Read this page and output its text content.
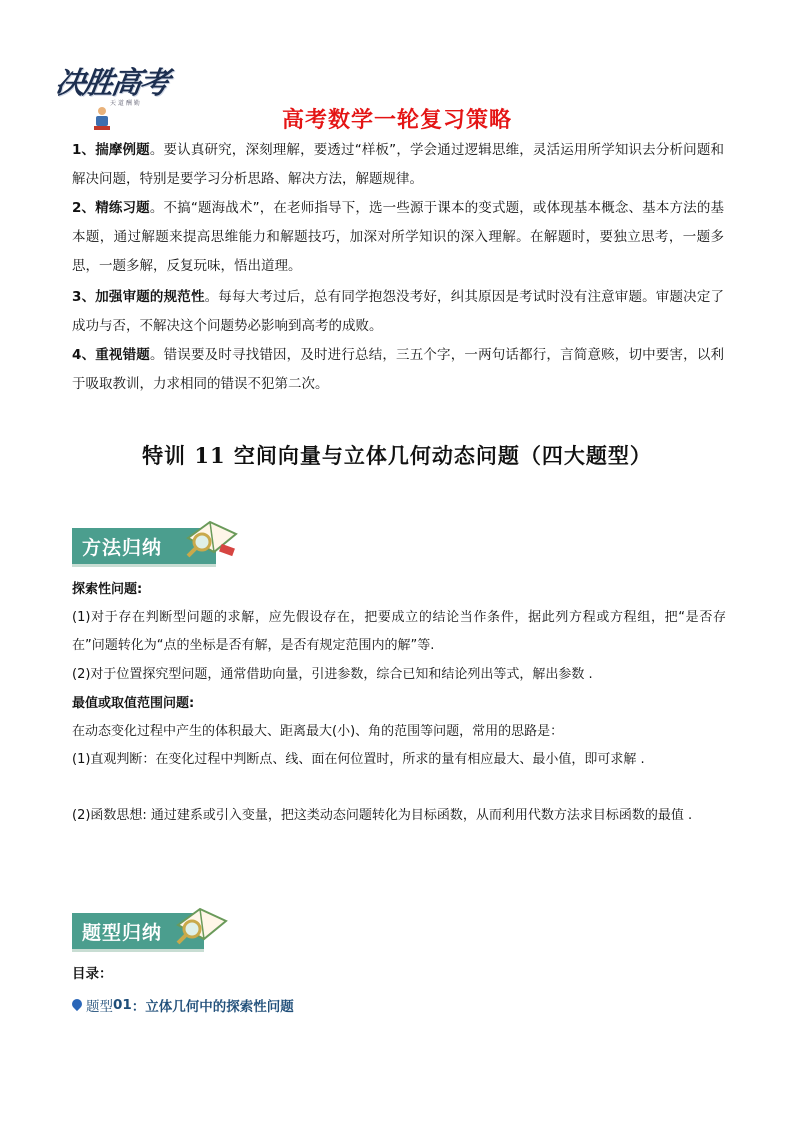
决胜高考
天 道 酬 勤
高考数学一轮复习策略
1、揣摩例题。要认真研究，深刻理解，要透过“样板”，学会通过逻辑思维，灵活运用所学知识去分析问题和解决问题，特别是要学习分析思路、解决方法，解题规律。
2、精练习题。不搞“题海战术”，在老师指导下，选一些源于课本的变式题，或体现基本概念、基本方法的基本题，通过解题来提高思维能力和解题技巧，加深对所学知识的深入理解。在解题时，要独立思考，一题多思，一题多解，反复玩味，悟出道理。
3、加强审题的规范性。每每大考过后，总有同学抱怨没考好，纠其原因是考试时没有注意审题。审题决定了成功与否，不解决这个问题势必影响到高考的成败。
4、重视错题。错误要及时寻找错因，及时进行总结，三五个字，一两句话都行，言简意赅，切中要害，以利于吸取教训，力求相同的错误不犯第二次。
特训 11 空间向量与立体几何动态问题（四大题型）
方法归纳
探索性问题:
(1)对于存在判断型问题的求解，应先假设存在，把要成立的结论当作条件，据此列方程或方程组，把“是否存在”问题转化为“点的坐标是否有解，是否有规定范围内的解”等.
(2)对于位置探究型问题，通常借助向量，引进参数，综合已知和结论列出等式，解出参数 .
最值或取值范围问题:
在动态变化过程中产生的体积最大、距离最大(小)、角的范围等问题，常用的思路是：
(1)直观判断：在变化过程中判断点、线、面在何位置时，所求的量有相应最大、最小值，即可求解 .
(2)函数思想: 通过建系或引入变量，把这类动态问题转化为目标函数，从而利用代数方法求目标函数的最值 .
题型归纳
目录：
题型 01 ：立体几何中的探索性问题
